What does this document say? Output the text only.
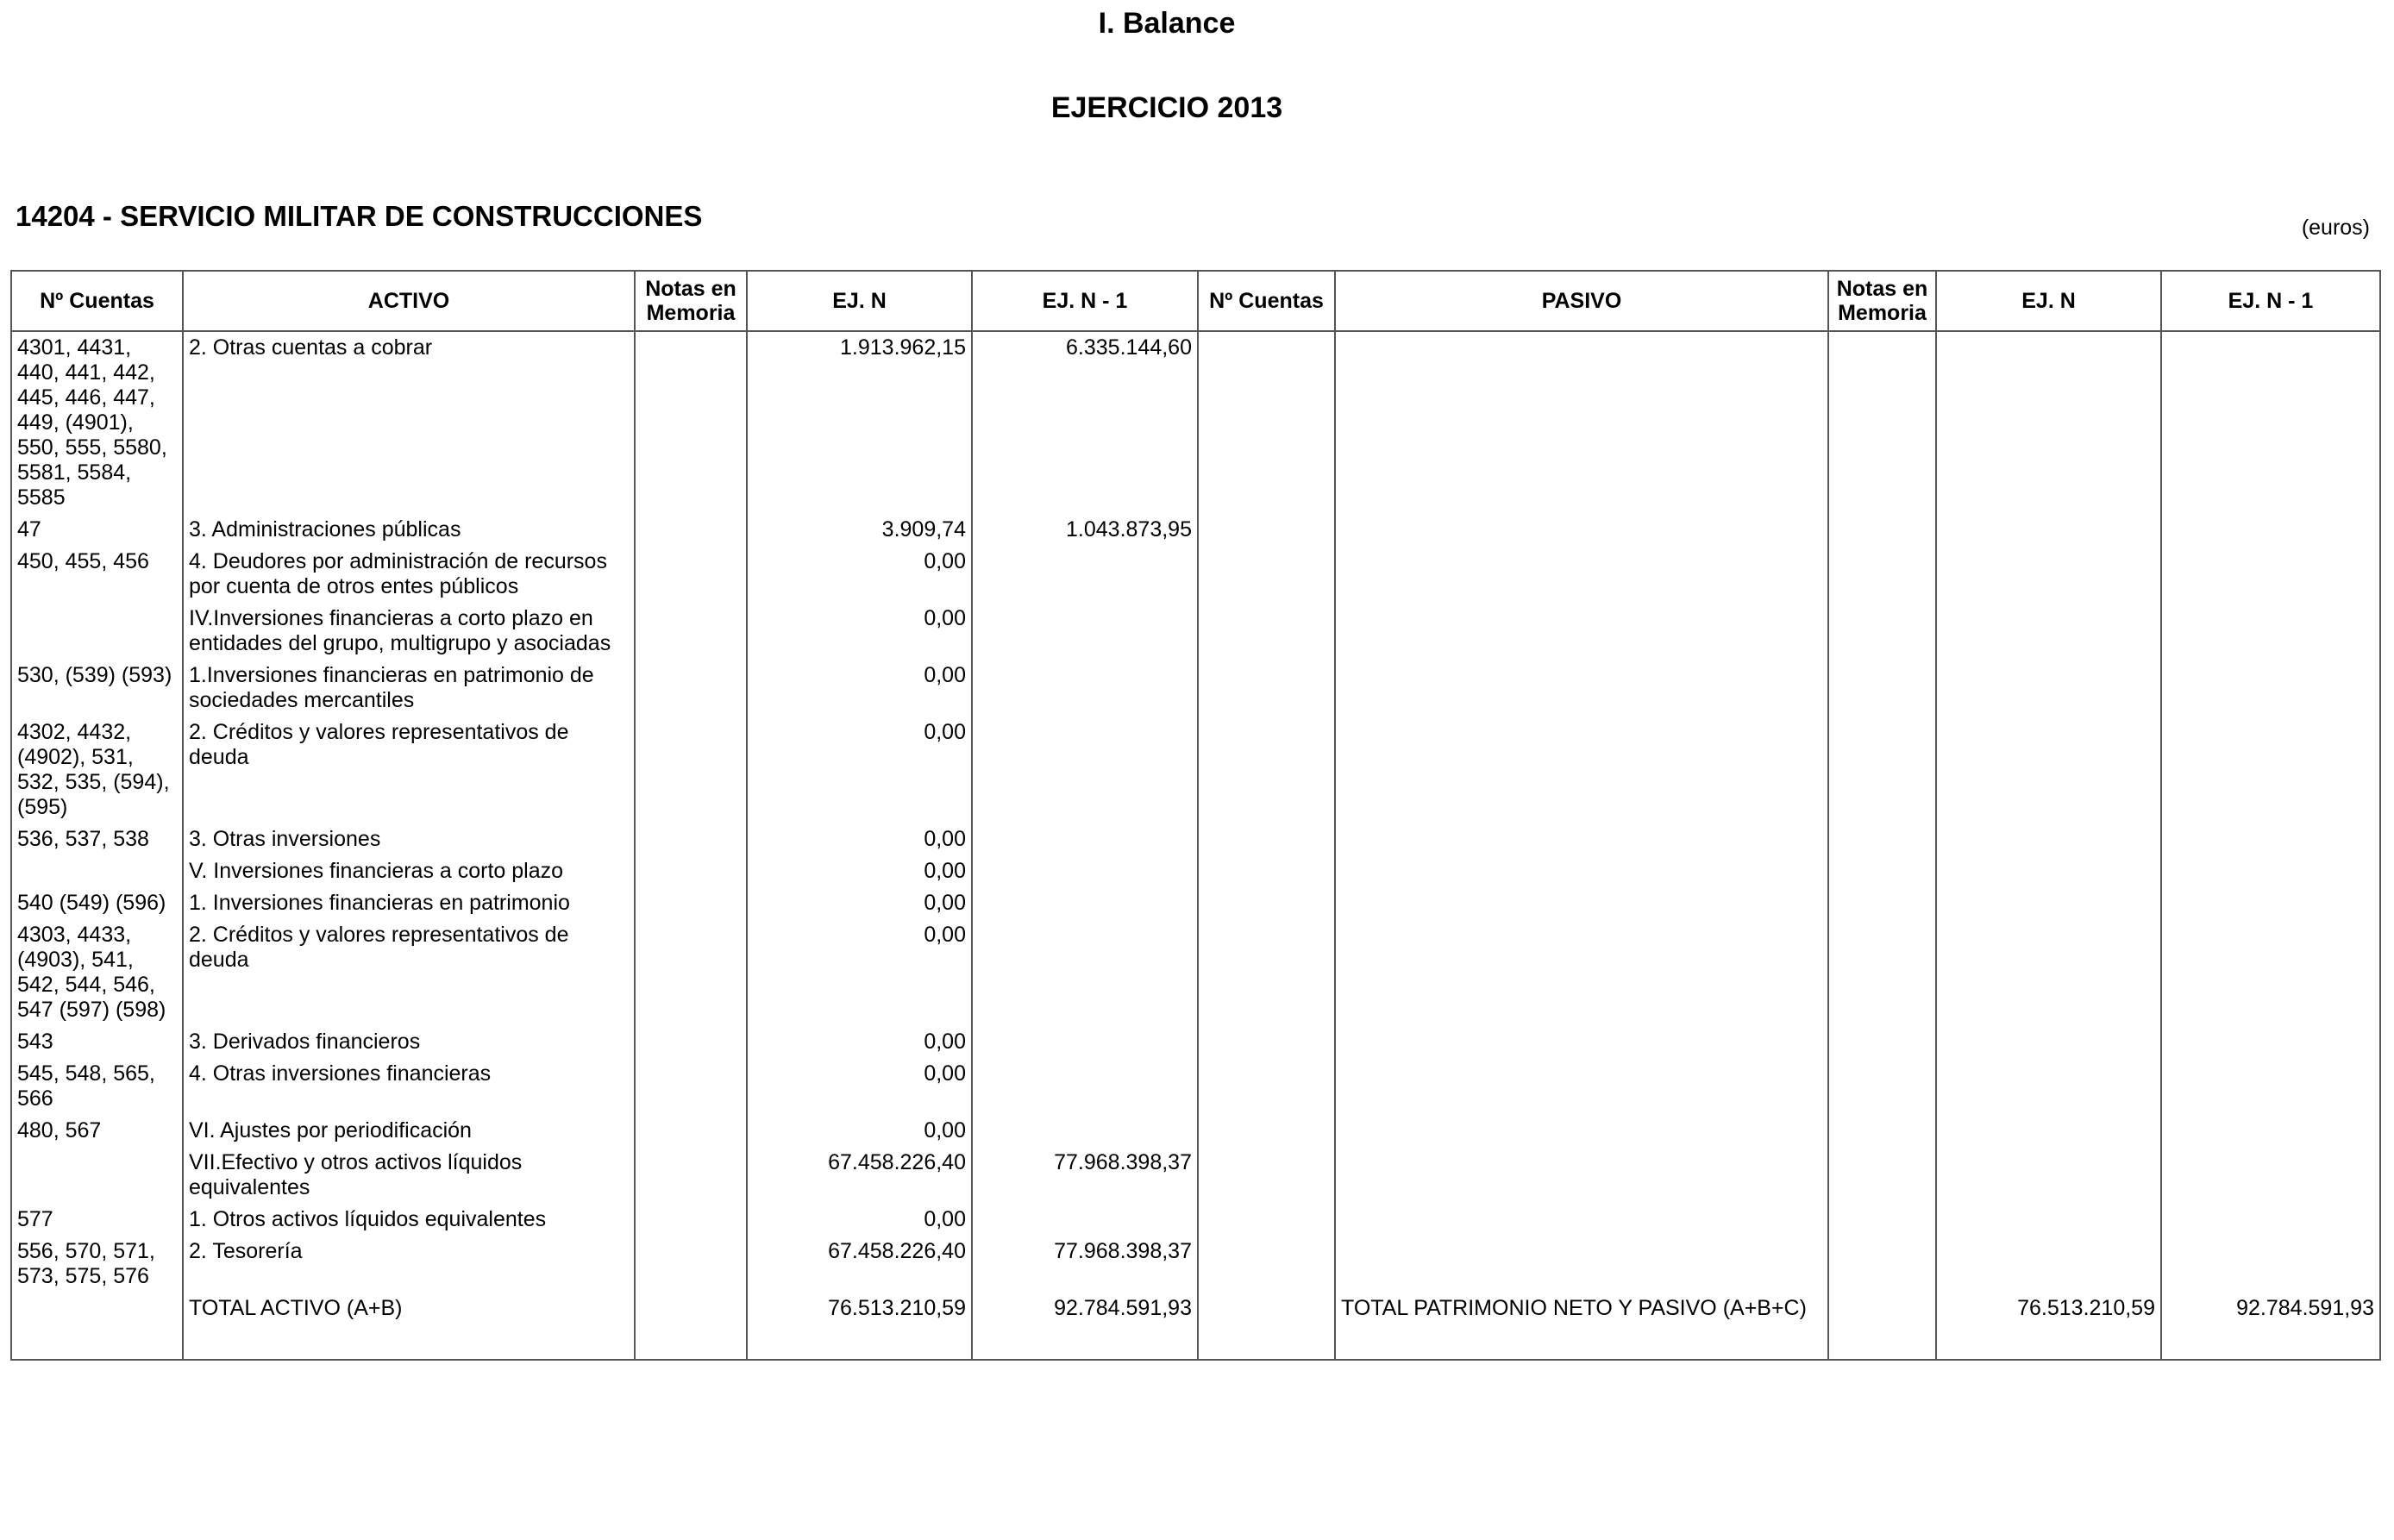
I. Balance
EJERCICIO 2013
14204 - SERVICIO MILITAR DE CONSTRUCCIONES	(euros)
Nº Cuentas	ACTIVO	Notas en Memoria	EJ. N	EJ. N - 1	Nº Cuentas	PASIVO	Notas en Memoria	EJ. N	EJ. N - 1
4301, 4431, 440, 441, 442, 445, 446, 447, 449, (4901), 550, 555, 5580, 5581, 5584, 5585	2. Otras cuentas a cobrar		1.913.962,15	6.335.144,60					
47	3. Administraciones públicas		3.909,74	1.043.873,95					
450, 455, 456	4. Deudores por administración de recursos por cuenta de otros entes públicos		0,00						
	IV.Inversiones financieras a corto plazo en entidades del grupo, multigrupo y asociadas		0,00						
530, (539) (593)	1.Inversiones financieras en patrimonio de sociedades mercantiles		0,00						
4302, 4432, (4902), 531, 532, 535, (594), (595)	2. Créditos y valores representativos de deuda		0,00						
536, 537, 538	3. Otras inversiones		0,00						
	V. Inversiones financieras a corto plazo		0,00						
540 (549) (596)	1. Inversiones financieras en patrimonio		0,00						
4303, 4433, (4903), 541, 542, 544, 546, 547 (597) (598)	2. Créditos y valores representativos de deuda		0,00						
543	3. Derivados financieros		0,00						
545, 548, 565, 566	4. Otras inversiones financieras		0,00						
480, 567	VI. Ajustes por periodificación		0,00						
	VII.Efectivo y otros activos líquidos equivalentes		67.458.226,40	77.968.398,37					
577	1. Otros activos líquidos equivalentes		0,00						
556, 570, 571, 573, 575, 576	2. Tesorería		67.458.226,40	77.968.398,37					
	TOTAL ACTIVO (A+B)		76.513.210,59	92.784.591,93		TOTAL PATRIMONIO NETO Y PASIVO (A+B+C)		76.513.210,59	92.784.591,93
